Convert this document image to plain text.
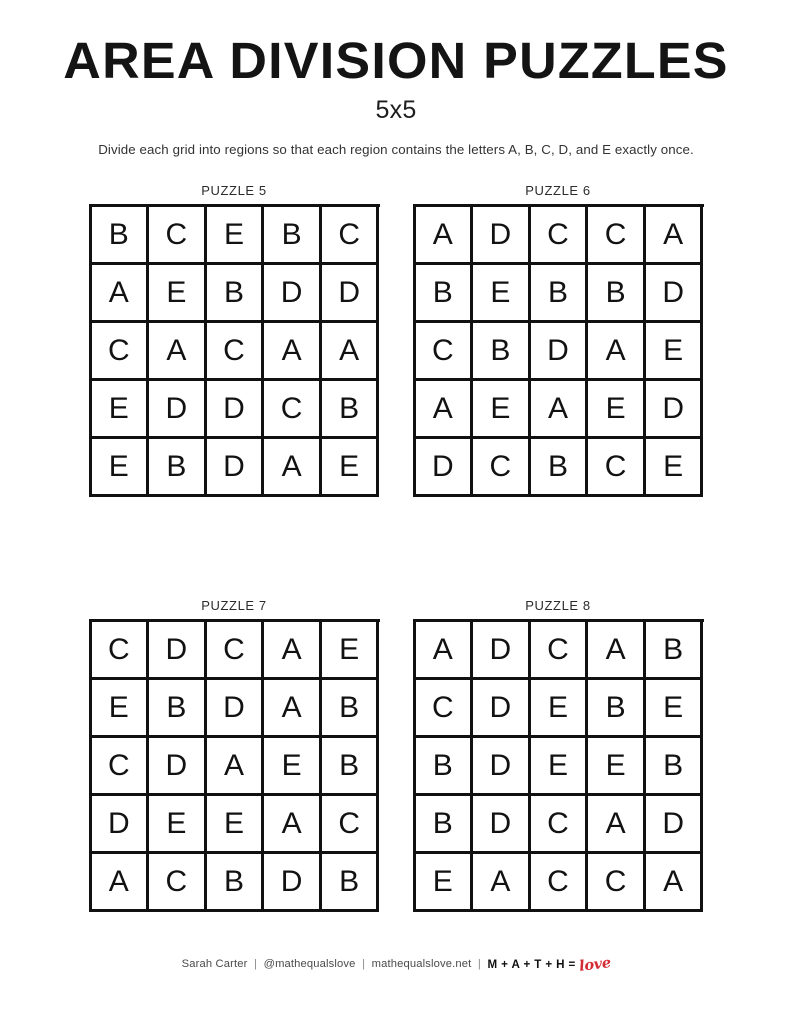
AREA DIVISION PUZZLES
5x5
Divide each grid into regions so that each region contains the letters A, B, C, D, and E exactly once.
PUZZLE 5
B	C	E	B	C
A	E	B	D	D
C	A	C	A	A
E	D	D	C	B
E	B	D	A	E
PUZZLE 6
A	D	C	C	A
B	E	B	B	D
C	B	D	A	E
A	E	A	E	D
D	C	B	C	E
PUZZLE 7
C	D	C	A	E
E	B	D	A	B
C	D	A	E	B
D	E	E	A	C
A	C	B	D	B
PUZZLE 8
A	D	C	A	B
C	D	E	B	E
B	D	E	E	B
B	D	C	A	D
E	A	C	C	A
Sarah Carter | @mathequalslove | mathequalslove.net | M + A + T + H = love
